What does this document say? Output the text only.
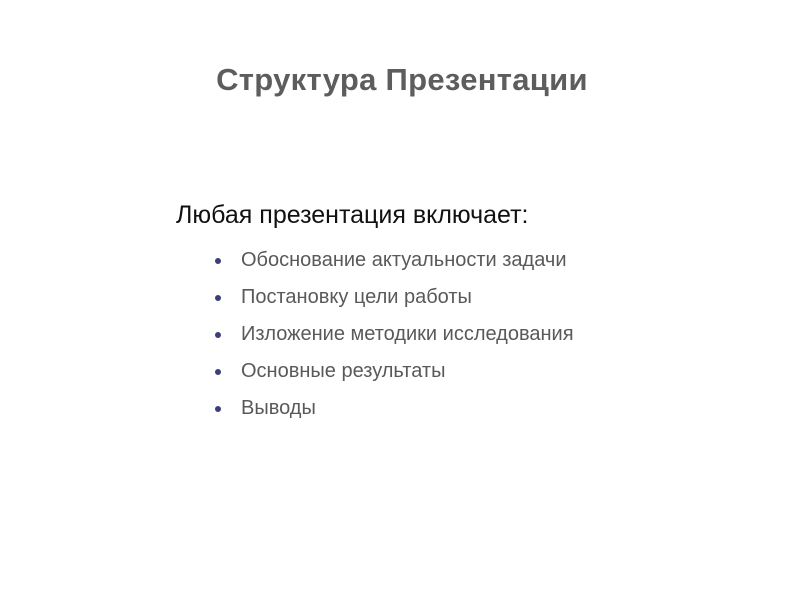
Структура Презентации

Любая презентация включает:

Обоснование актуальности задачи
Постановку цели работы
Изложение методики исследования
Основные результаты
Выводы
